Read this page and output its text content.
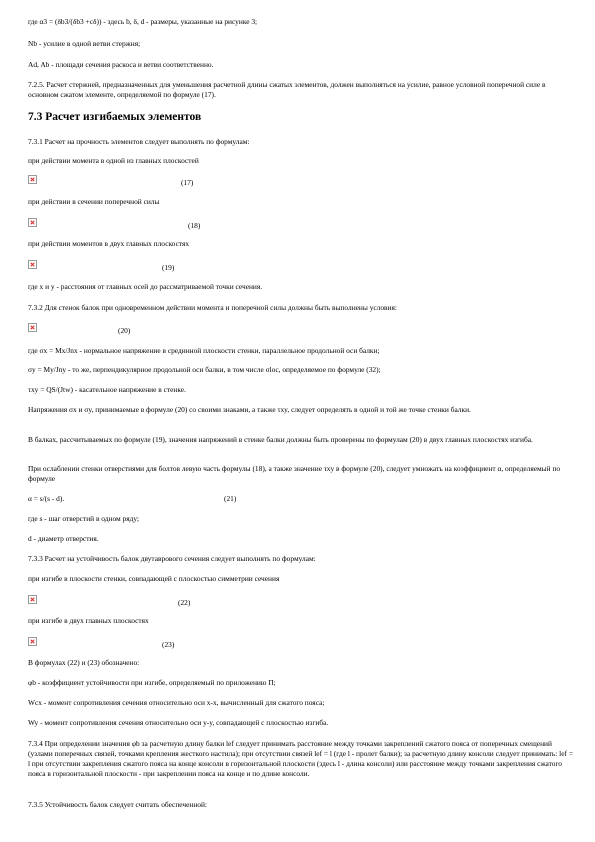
где α3 = (δb3/(δb3 +cδ)) - здесь b, δ, d - размеры, указанные на рисунке 3;
Nb - усилие в одной ветви стержня;
Ad, Ab - площади сечения раскоса и ветви соответственно.
7.2.5. Расчет стержней, предназначенных для уменьшения расчетной длины сжатых элементов, должен выполняться на усилие, равное условной поперечной силе в основном сжатом элементе, определяемой по формуле (17).
7.3 Расчет изгибаемых элементов
7.3.1 Расчет на прочность элементов следует выполнять по формулам:
при действии момента в одной из главных плоскостей
(17)
при действии в сечении поперечной силы
(18)
при действии моментов в двух главных плоскостях
(19)
где x и y - расстояния от главных осей до рассматриваемой точки сечения.
7.3.2 Для стенок балок при одновременном действии момента и поперечной силы должны быть выполнены условия:
(20)
где σx = Mx/Jnx - нормальное напряжение в срединной плоскости стенки, параллельное продольной оси балки;
σy = My/Jny - то же, перпендикулярное продольной оси балки, в том числе σloc, определяемое по формуле (32);
τxy = QS/(Jtw) - касательное напряжение в стенке.
Напряжения σx и σy, принимаемые в формуле (20) со своими знаками, а также τxy, следует определять в одной и той же точке стенки балки.
В балках, рассчитываемых по формуле (19), значения напряжений в стенке балки должны быть проверены по формулам (20) в двух главных плоскостях изгиба.
При ослаблении стенки отверстиями для болтов левую часть формулы (18), а также значение τxy в формуле (20), следует умножать на коэффициент α, определяемый по формуле
α = s/(s - d).	(21)
где s - шаг отверстий в одном ряду;
d - диаметр отверстия.
7.3.3 Расчет на устойчивость балок двутаврового сечения следует выполнять по формулам:
при изгибе в плоскости стенки, совпадающей с плоскостью симметрии сечения
(22)
при изгибе в двух главных плоскостях
(23)
В формулах (22) и (23) обозначено:
φb - коэффициент устойчивости при изгибе, определяемый по приложению П;
Wcx - момент сопротивления сечения относительно оси x-x, вычисленный для сжатого пояса;
Wy - момент сопротивления сечения относительно оси y-y, совпадающей с плоскостью изгиба.
7.3.4 При определении значения φb за расчетную длину балки lef следует принимать расстояние между точками закреплений сжатого пояса от поперечных смещений (узлами поперечных связей, точками крепления жесткого настила); при отсутствии связей lef = l (где l - пролет балки); за расчетную длину консоли следует принимать: lef = l при отсутствии закрепления сжатого пояса на конце консоли в горизонтальной плоскости (здесь l - длина консоли) или расстояние между точками закрепления сжатого пояса в горизонтальной плоскости - при закреплении пояса на конце и по длине консоли.
7.3.5 Устойчивость балок следует считать обеспеченной:
